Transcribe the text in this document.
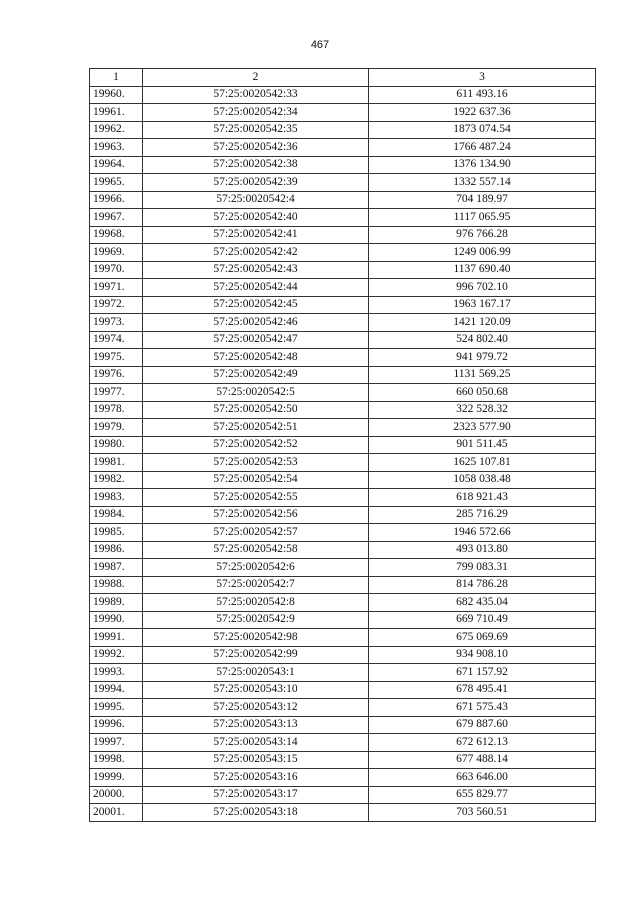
467
1	2	3
19960.	57:25:0020542:33	611 493.16
19961.	57:25:0020542:34	1922 637.36
19962.	57:25:0020542:35	1873 074.54
19963.	57:25:0020542:36	1766 487.24
19964.	57:25:0020542:38	1376 134.90
19965.	57:25:0020542:39	1332 557.14
19966.	57:25:0020542:4	704 189.97
19967.	57:25:0020542:40	1117 065.95
19968.	57:25:0020542:41	976 766.28
19969.	57:25:0020542:42	1249 006.99
19970.	57:25:0020542:43	1137 690.40
19971.	57:25:0020542:44	996 702.10
19972.	57:25:0020542:45	1963 167.17
19973.	57:25:0020542:46	1421 120.09
19974.	57:25:0020542:47	524 802.40
19975.	57:25:0020542:48	941 979.72
19976.	57:25:0020542:49	1131 569.25
19977.	57:25:0020542:5	660 050.68
19978.	57:25:0020542:50	322 528.32
19979.	57:25:0020542:51	2323 577.90
19980.	57:25:0020542:52	901 511.45
19981.	57:25:0020542:53	1625 107.81
19982.	57:25:0020542:54	1058 038.48
19983.	57:25:0020542:55	618 921.43
19984.	57:25:0020542:56	285 716.29
19985.	57:25:0020542:57	1946 572.66
19986.	57:25:0020542:58	493 013.80
19987.	57:25:0020542:6	799 083.31
19988.	57:25:0020542:7	814 786.28
19989.	57:25:0020542:8	682 435.04
19990.	57:25:0020542:9	669 710.49
19991.	57:25:0020542:98	675 069.69
19992.	57:25:0020542:99	934 908.10
19993.	57:25:0020543:1	671 157.92
19994.	57:25:0020543:10	678 495.41
19995.	57:25:0020543:12	671 575.43
19996.	57:25:0020543:13	679 887.60
19997.	57:25:0020543:14	672 612.13
19998.	57:25:0020543:15	677 488.14
19999.	57:25:0020543:16	663 646.00
20000.	57:25:0020543:17	655 829.77
20001.	57:25:0020543:18	703 560.51
